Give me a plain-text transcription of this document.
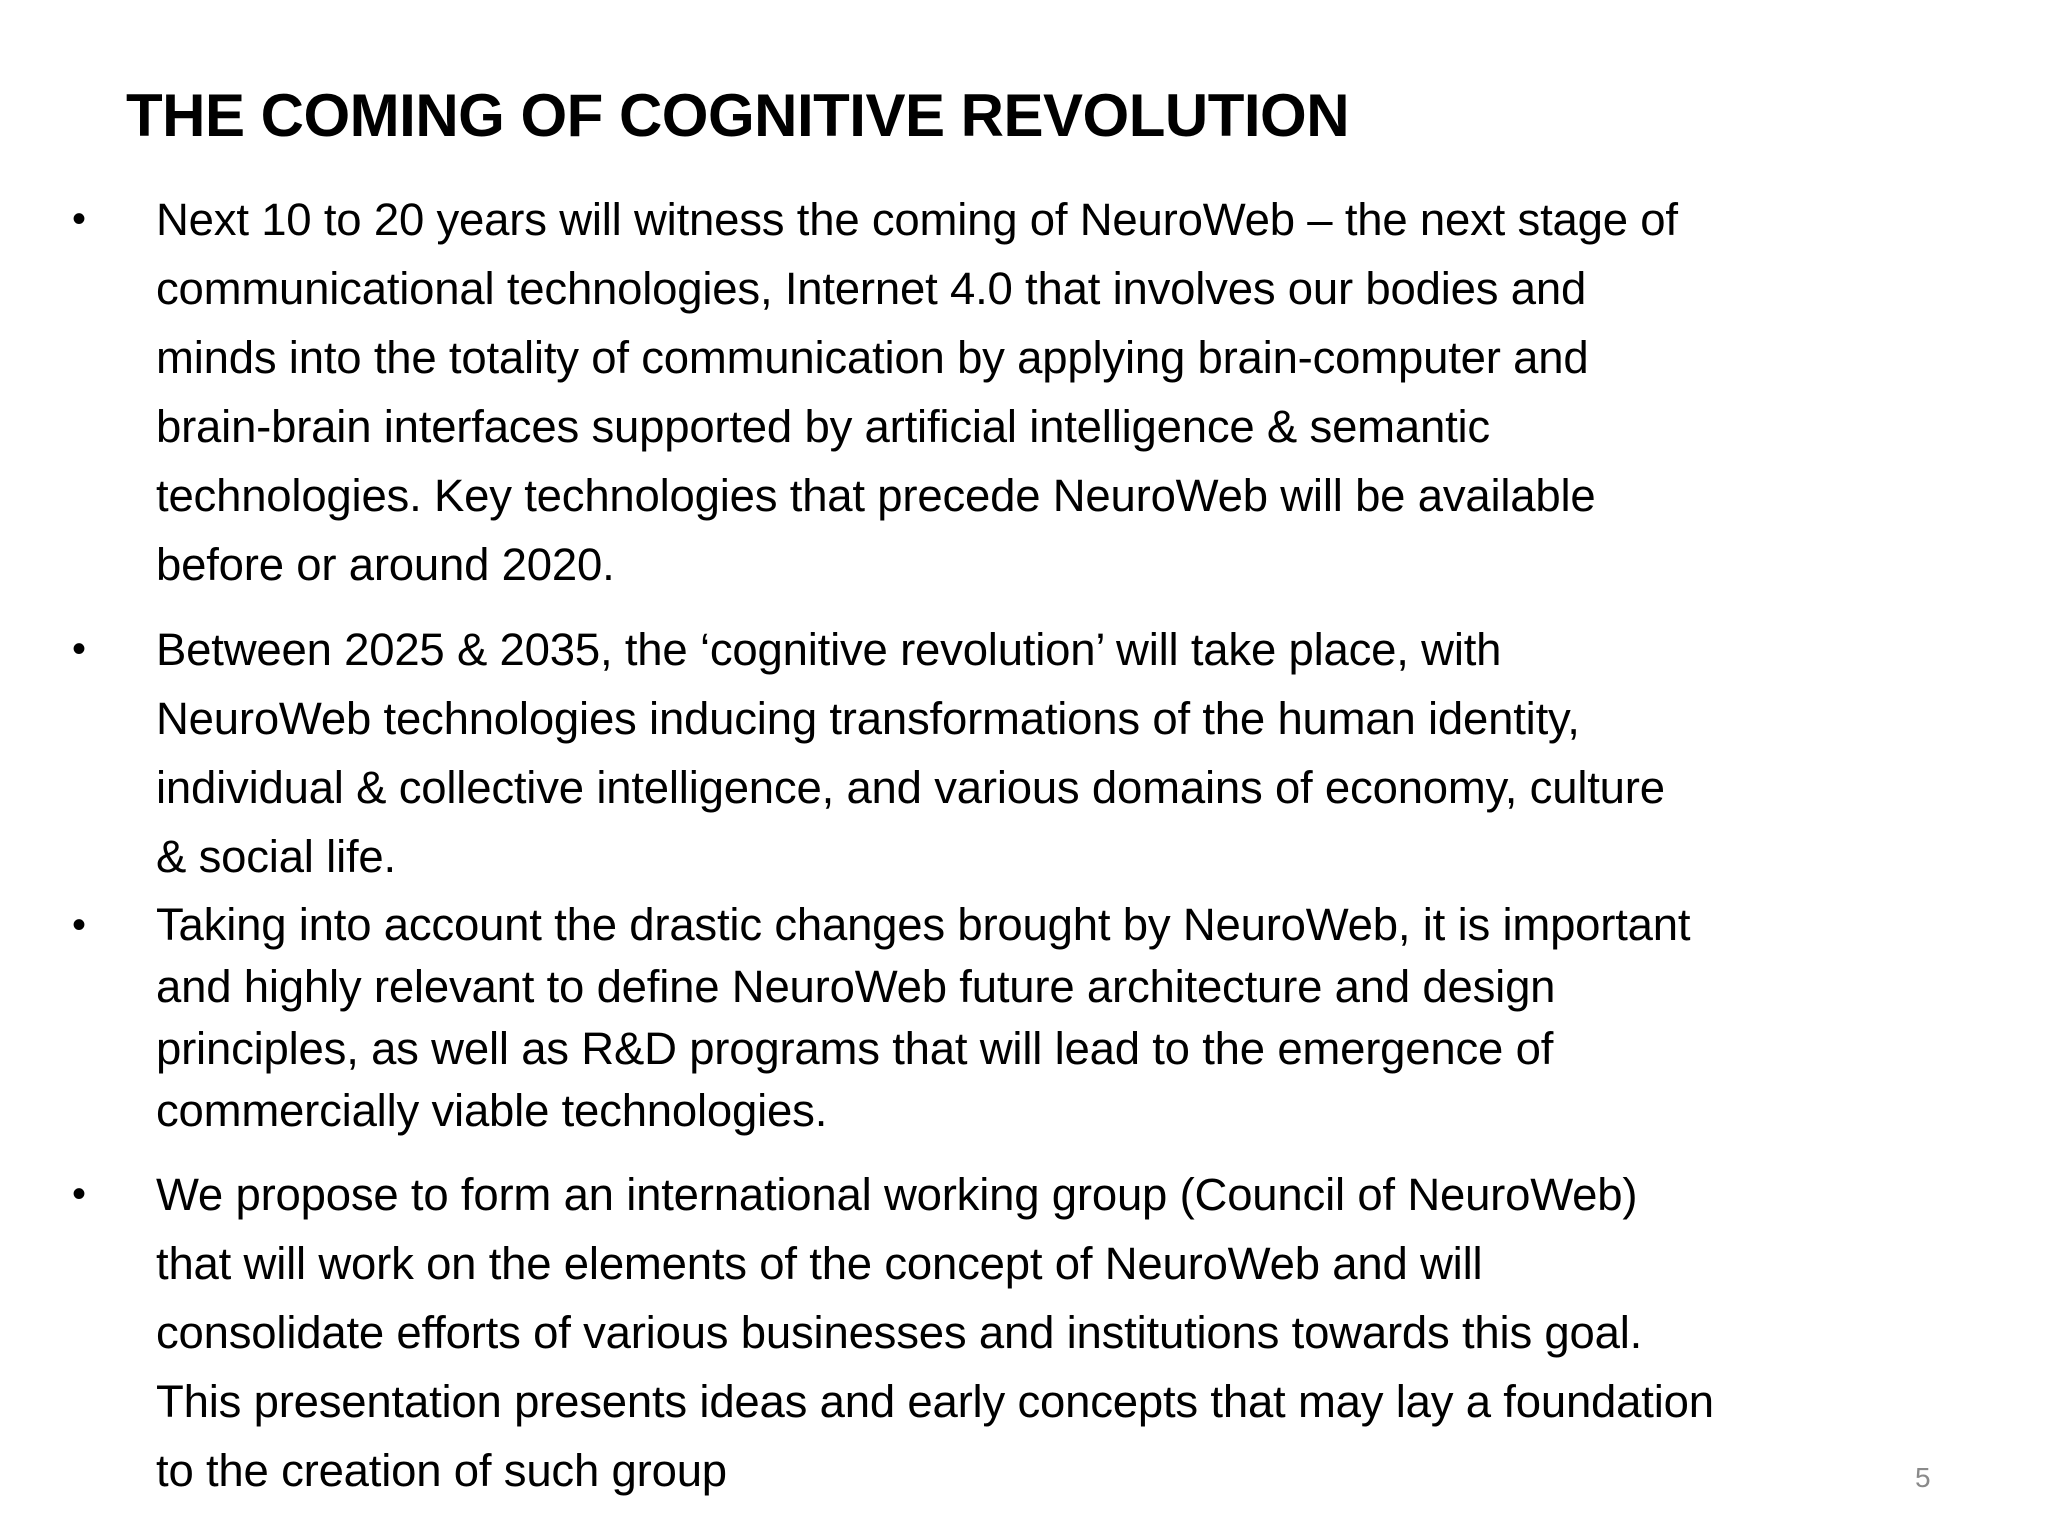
THE COMING OF COGNITIVE REVOLUTION
•	Next 10 to 20 years will witness the coming of NeuroWeb – the next stage of
communicational technologies, Internet 4.0 that involves our bodies and
minds into the totality of communication by applying brain-computer and
brain-brain interfaces supported by artificial intelligence & semantic
technologies. Key technologies that precede NeuroWeb will be available
before or around 2020.
•	Between 2025 & 2035, the ‘cognitive revolution’ will take place, with
NeuroWeb technologies inducing transformations of the human identity,
individual & collective intelligence, and various domains of economy, culture
& social life.
•	Taking into account the drastic changes brought by NeuroWeb, it is important
and highly relevant to define NeuroWeb future architecture and design
principles, as well as R&D programs that will lead to the emergence of
commercially viable technologies.
•	We propose to form an international working group (Council of NeuroWeb)
that will work on the elements of the concept of NeuroWeb and will
consolidate efforts of various businesses and institutions towards this goal.
This presentation presents ideas and early concepts that may lay a foundation
to the creation of such group	5
